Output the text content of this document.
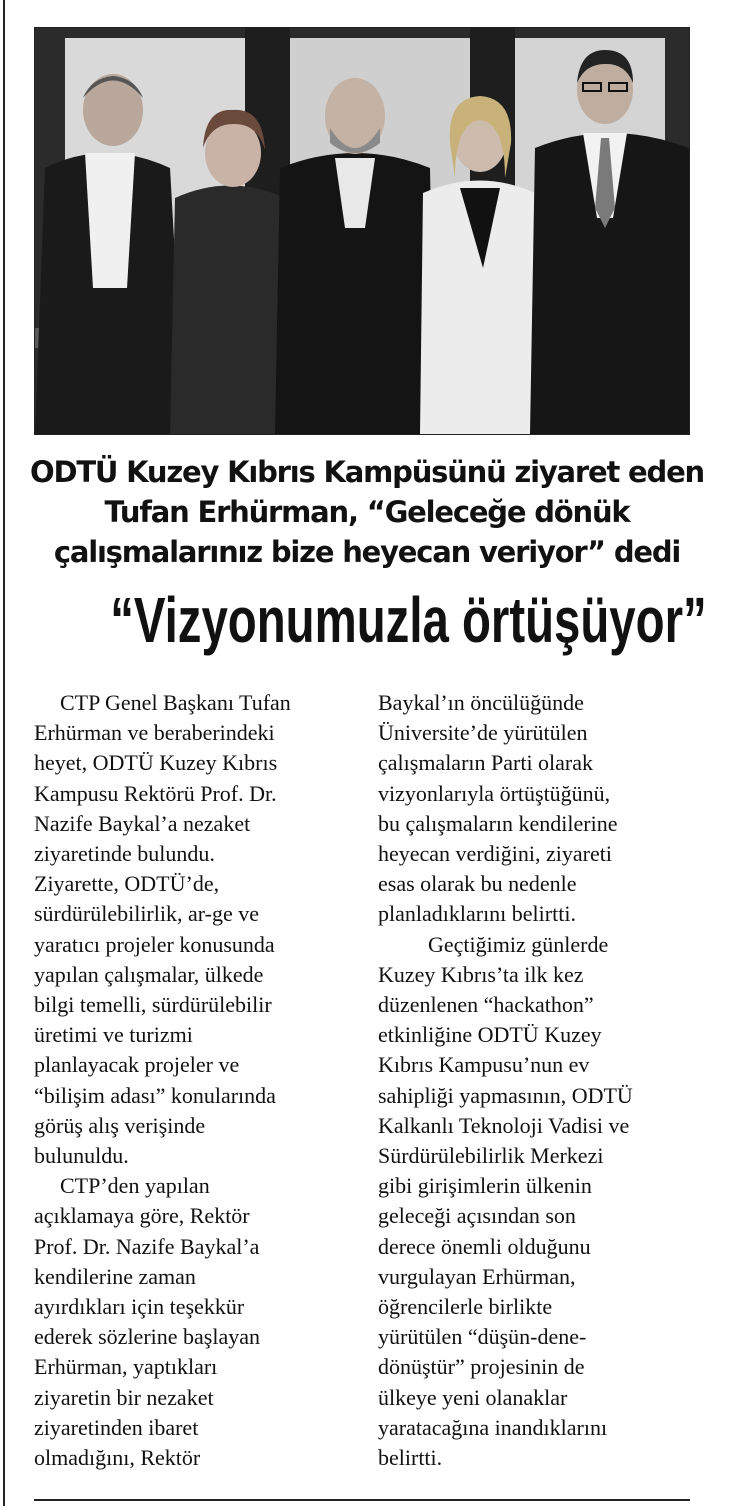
ODTÜ Kuzey Kıbrıs Kampüsünü ziyaret eden
Tufan Erhürman, “Geleceğe dönük
çalışmalarınız bize heyecan veriyor” dedi
“Vizyonumuzla örtüşüyor”
CTP Genel Başkanı Tufan
Erhürman ve beraberindeki
heyet, ODTÜ Kuzey Kıbrıs
Kampusu Rektörü Prof. Dr.
Nazife Baykal’a nezaket
ziyaretinde bulundu.
Ziyarette, ODTÜ’de,
sürdürülebilirlik, ar-ge ve
yaratıcı projeler konusunda
yapılan çalışmalar, ülkede
bilgi temelli, sürdürülebilir
üretimi ve turizmi
planlayacak projeler ve
“bilişim adası” konularında
görüş alış verişinde
bulunuldu.
CTP’den yapılan
açıklamaya göre, Rektör
Prof. Dr. Nazife Baykal’a
kendilerine zaman
ayırdıkları için teşekkür
ederek sözlerine başlayan
Erhürman, yaptıkları
ziyaretin bir nezaket
ziyaretinden ibaret
olmadığını, Rektör
Baykal’ın öncülüğünde
Üniversite’de yürütülen
çalışmaların Parti olarak
vizyonlarıyla örtüştüğünü,
bu çalışmaların kendilerine
heyecan verdiğini, ziyareti
esas olarak bu nedenle
planladıklarını belirtti.
Geçtiğimiz günlerde
Kuzey Kıbrıs’ta ilk kez
düzenlenen “hackathon”
etkinliğine ODTÜ Kuzey
Kıbrıs Kampusu’nun ev
sahipliği yapmasının, ODTÜ
Kalkanlı Teknoloji Vadisi ve
Sürdürülebilirlik Merkezi
gibi girişimlerin ülkenin
geleceği açısından son
derece önemli olduğunu
vurgulayan Erhürman,
öğrencilerle birlikte
yürütülen “düşün-dene-
dönüştür” projesinin de
ülkeye yeni olanaklar
yaratacağına inandıklarını
belirtti.
